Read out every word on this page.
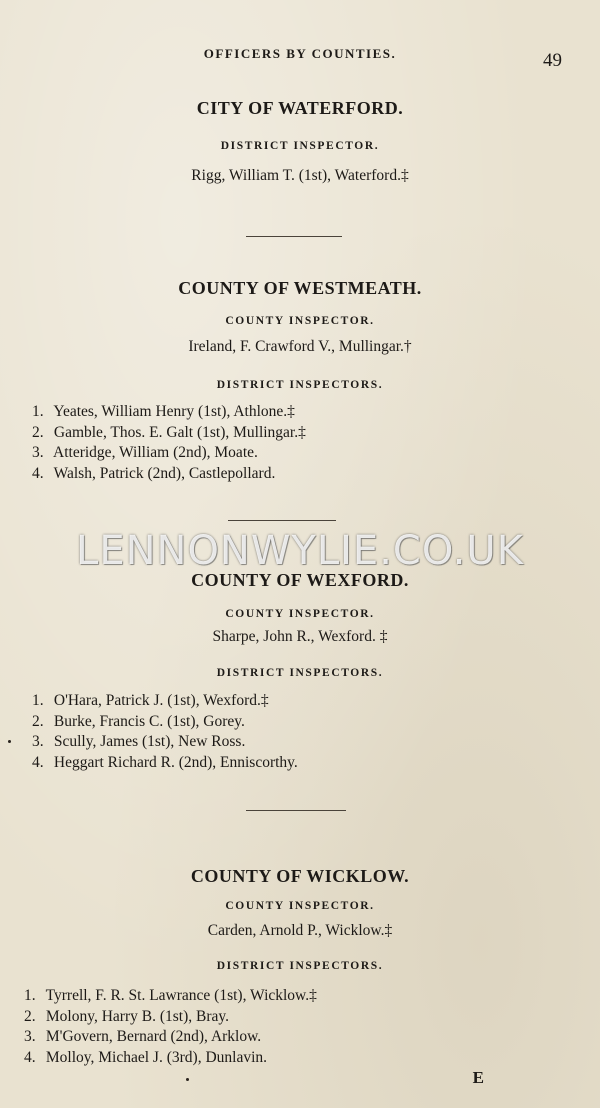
OFFICERS BY COUNTIES.	49
CITY OF WATERFORD.
DISTRICT INSPECTOR.
Rigg, William T. (1st), Waterford.‡
COUNTY OF WESTMEATH.
COUNTY INSPECTOR.
Ireland, F. Crawford V., Mullingar.†
DISTRICT INSPECTORS.
1. Yeates, William Henry (1st), Athlone.‡
2. Gamble, Thos. E. Galt (1st), Mullingar.‡
3. Atteridge, William (2nd), Moate.
4. Walsh, Patrick (2nd), Castlepollard.
LENNONWYLIE.CO.UK
COUNTY OF WEXFORD.
COUNTY INSPECTOR.
Sharpe, John R., Wexford. ‡
DISTRICT INSPECTORS.
1. O'Hara, Patrick J. (1st), Wexford.‡
2. Burke, Francis C. (1st), Gorey.
3. Scully, James (1st), New Ross.
4. Heggart Richard R. (2nd), Enniscorthy.
COUNTY OF WICKLOW.
COUNTY INSPECTOR.
Carden, Arnold P., Wicklow.‡
DISTRICT INSPECTORS.
1. Tyrrell, F. R. St. Lawrance (1st), Wicklow.‡
2. Molony, Harry B. (1st), Bray.
3. M'Govern, Bernard (2nd), Arklow.
4. Molloy, Michael J. (3rd), Dunlavin.
E
